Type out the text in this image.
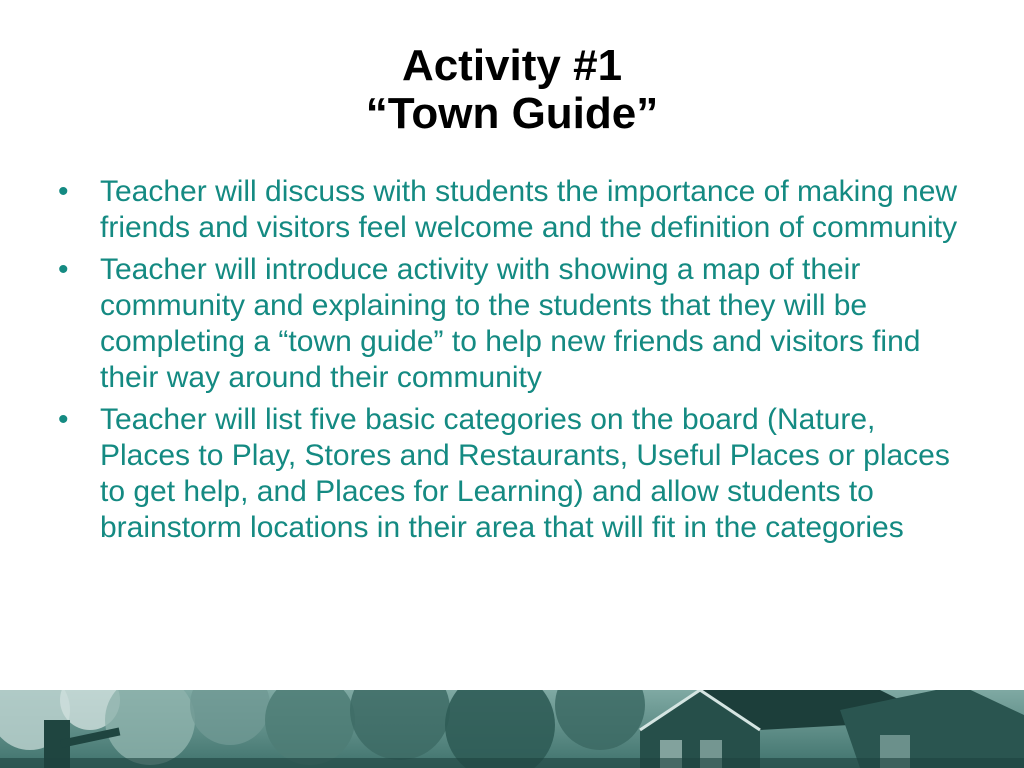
Activity #1
“Town Guide”
•	Teacher will discuss with students the importance of making new friends and visitors feel welcome and the definition of community
•	Teacher will introduce activity with showing a map of their community and explaining to the students that they will be completing a “town guide” to help new friends and visitors find their way around their community
•	Teacher will list five basic categories on the board (Nature, Places to Play, Stores and Restaurants, Useful Places or places to get help, and Places for Learning) and allow students to brainstorm locations in their area that will fit in the categories
